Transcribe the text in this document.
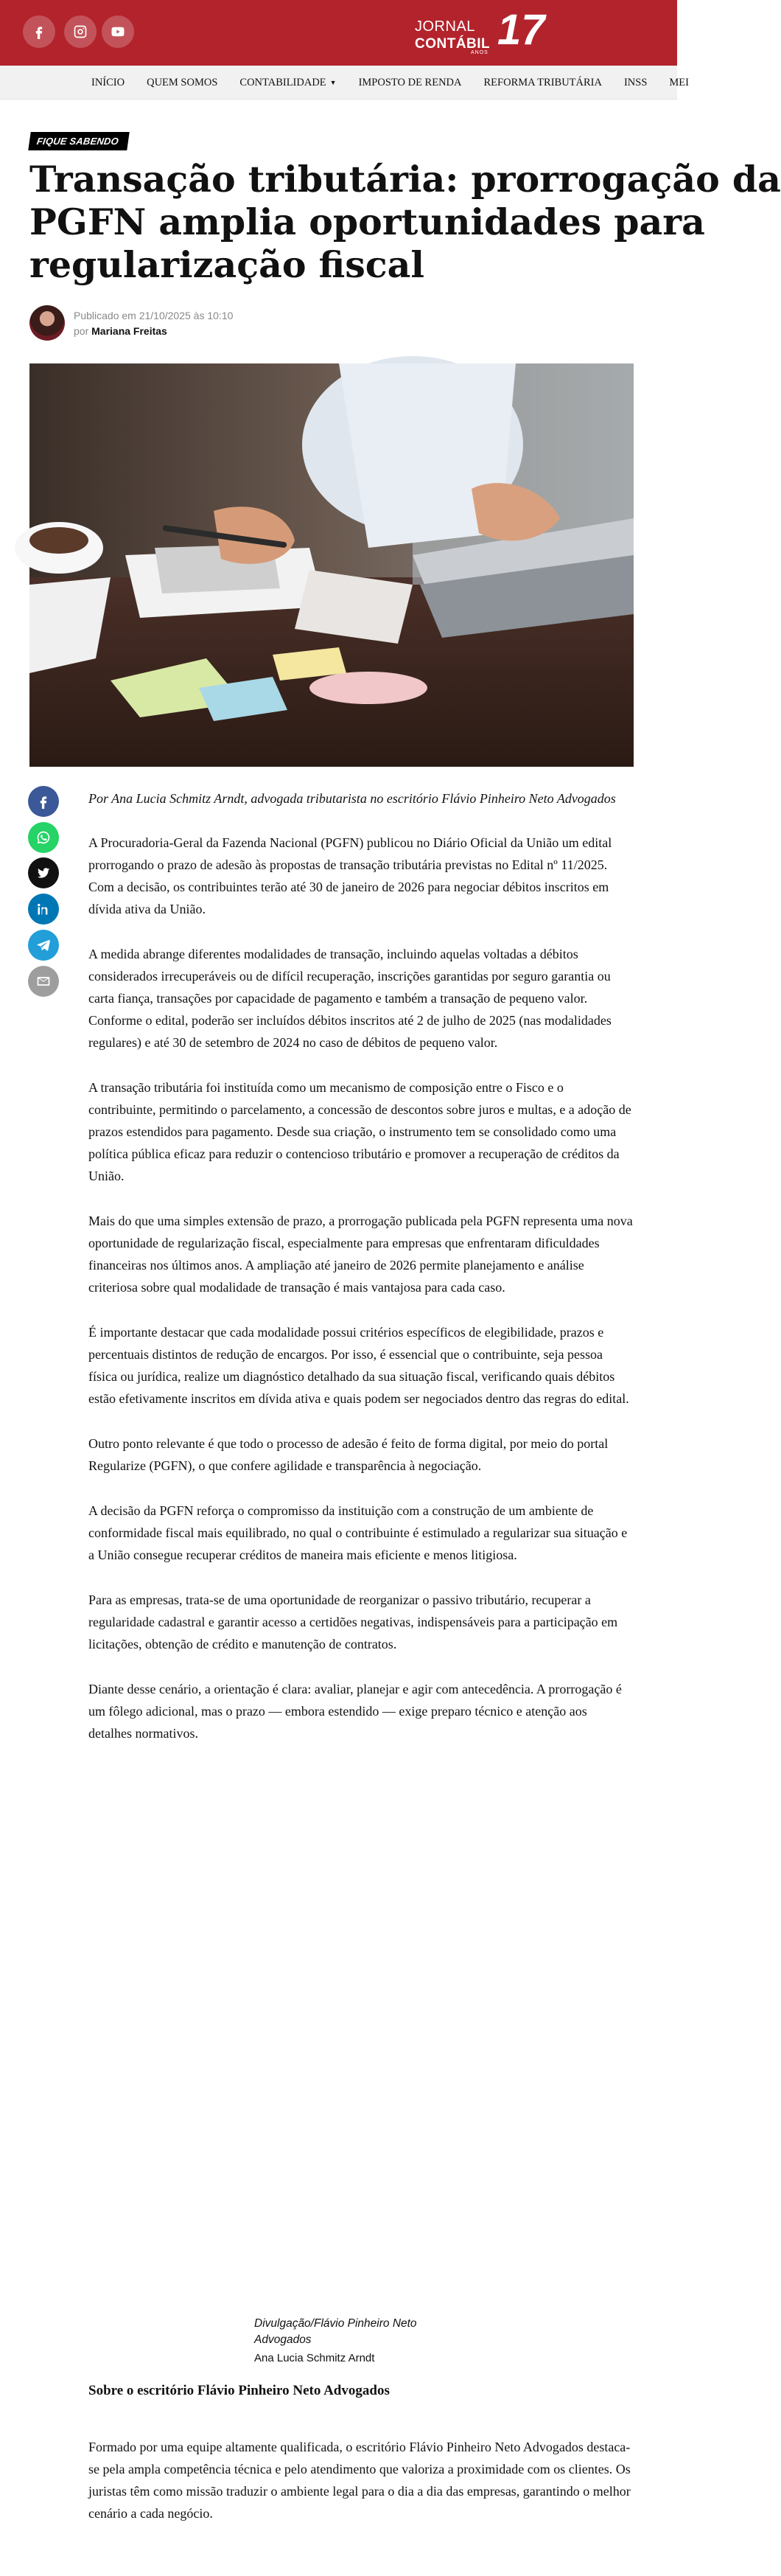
JORNAL
CONTÁBIL
ANOS 17
INÍCIO QUEM SOMOS CONTABILIDADE ▼ IMPOSTO DE RENDA REFORMA TRIBUTÁRIA INSS MEI
FIQUE SABENDO
Transação tributária: prorrogação da
PGFN amplia oportunidades para
regularização fiscal
Publicado em 21/10/2025 às 10:10
por Mariana Freitas

Por Ana Lucia Schmitz Arndt, advogada tributarista no escritório Flávio Pinheiro Neto Advogados

A Procuradoria-Geral da Fazenda Nacional (PGFN) publicou no Diário Oficial da União um edital prorrogando o prazo de adesão às propostas de transação tributária previstas no Edital nº 11/2025. Com a decisão, os contribuintes terão até 30 de janeiro de 2026 para negociar débitos inscritos em dívida ativa da União.

A medida abrange diferentes modalidades de transação, incluindo aquelas voltadas a débitos considerados irrecuperáveis ou de difícil recuperação, inscrições garantidas por seguro garantia ou carta fiança, transações por capacidade de pagamento e também a transação de pequeno valor. Conforme o edital, poderão ser incluídos débitos inscritos até 2 de julho de 2025 (nas modalidades regulares) e até 30 de setembro de 2024 no caso de débitos de pequeno valor.

A transação tributária foi instituída como um mecanismo de composição entre o Fisco e o contribuinte, permitindo o parcelamento, a concessão de descontos sobre juros e multas, e a adoção de prazos estendidos para pagamento. Desde sua criação, o instrumento tem se consolidado como uma política pública eficaz para reduzir o contencioso tributário e promover a recuperação de créditos da União.

Mais do que uma simples extensão de prazo, a prorrogação publicada pela PGFN representa uma nova oportunidade de regularização fiscal, especialmente para empresas que enfrentaram dificuldades financeiras nos últimos anos. A ampliação até janeiro de 2026 permite planejamento e análise criteriosa sobre qual modalidade de transação é mais vantajosa para cada caso.

É importante destacar que cada modalidade possui critérios específicos de elegibilidade, prazos e percentuais distintos de redução de encargos. Por isso, é essencial que o contribuinte, seja pessoa física ou jurídica, realize um diagnóstico detalhado da sua situação fiscal, verificando quais débitos estão efetivamente inscritos em dívida ativa e quais podem ser negociados dentro das regras do edital.

Outro ponto relevante é que todo o processo de adesão é feito de forma digital, por meio do portal Regularize (PGFN), o que confere agilidade e transparência à negociação.

A decisão da PGFN reforça o compromisso da instituição com a construção de um ambiente de conformidade fiscal mais equilibrado, no qual o contribuinte é estimulado a regularizar sua situação e a União consegue recuperar créditos de maneira mais eficiente e menos litigiosa.

Para as empresas, trata-se de uma oportunidade de reorganizar o passivo tributário, recuperar a regularidade cadastral e garantir acesso a certidões negativas, indispensáveis para a participação em licitações, obtenção de crédito e manutenção de contratos.

Diante desse cenário, a orientação é clara: avaliar, planejar e agir com antecedência. A prorrogação é um fôlego adicional, mas o prazo — embora estendido — exige preparo técnico e atenção aos detalhes normativos.

Divulgação/Flávio Pinheiro Neto Advogados
Ana Lucia Schmitz Arndt
Sobre o escritório Flávio Pinheiro Neto Advogados
Formado por uma equipe altamente qualificada, o escritório Flávio Pinheiro Neto Advogados destaca-se pela ampla competência técnica e pelo atendimento que valoriza a proximidade com os clientes. Os juristas têm como missão traduzir o ambiente legal para o dia a dia das empresas, garantindo o melhor cenário a cada negócio.
